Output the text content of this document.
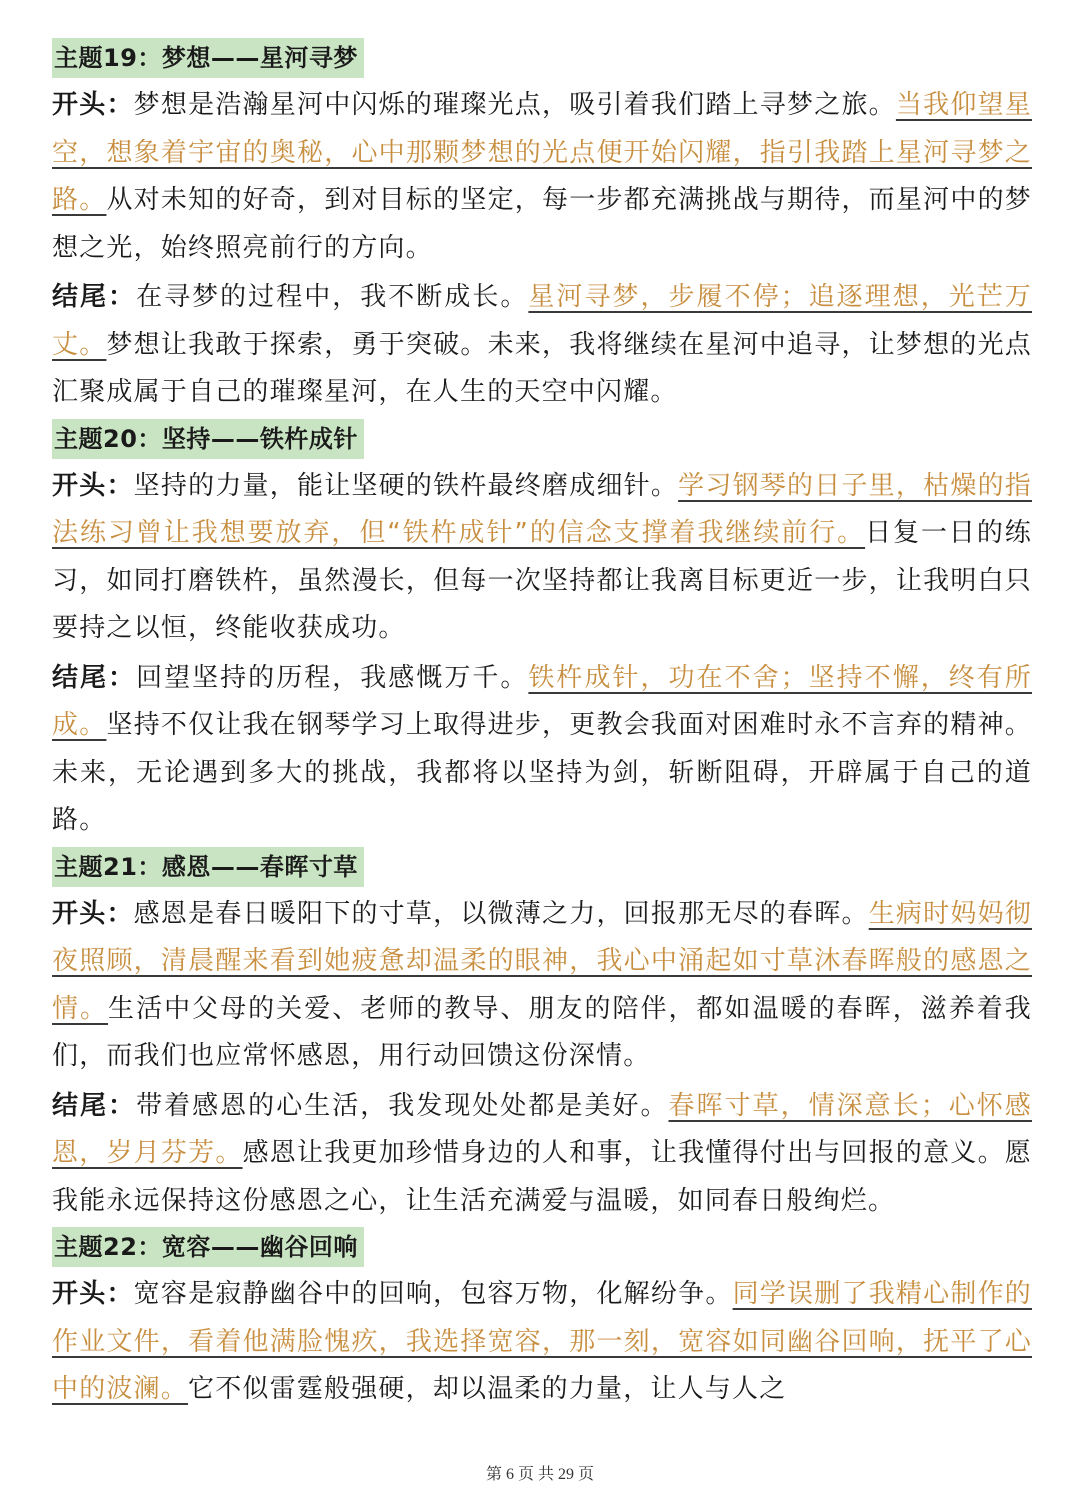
主题19：梦想——星河寻梦

开头：梦想是浩瀚星河中闪烁的璀璨光点，吸引着我们踏上寻梦之旅。当我仰望星空，想象着宇宙的奥秘，心中那颗梦想的光点便开始闪耀，指引我踏上星河寻梦之路。从对未知的好奇，到对目标的坚定，每一步都充满挑战与期待，而星河中的梦想之光，始终照亮前行的方向。

结尾：在寻梦的过程中，我不断成长。星河寻梦，步履不停；追逐理想，光芒万丈。梦想让我敢于探索，勇于突破。未来，我将继续在星河中追寻，让梦想的光点汇聚成属于自己的璀璨星河，在人生的天空中闪耀。

主题20：坚持——铁杵成针

开头：坚持的力量，能让坚硬的铁杵最终磨成细针。学习钢琴的日子里，枯燥的指法练习曾让我想要放弃，但“铁杵成针”的信念支撑着我继续前行。日复一日的练习，如同打磨铁杵，虽然漫长，但每一次坚持都让我离目标更近一步，让我明白只要持之以恒，终能收获成功。

结尾：回望坚持的历程，我感慨万千。铁杵成针，功在不舍；坚持不懈，终有所成。坚持不仅让我在钢琴学习上取得进步，更教会我面对困难时永不言弃的精神。未来，无论遇到多大的挑战，我都将以坚持为剑，斩断阻碍，开辟属于自己的道路。

主题21：感恩——春晖寸草

开头：感恩是春日暖阳下的寸草，以微薄之力，回报那无尽的春晖。生病时妈妈彻夜照顾，清晨醒来看到她疲惫却温柔的眼神，我心中涌起如寸草沐春晖般的感恩之情。生活中父母的关爱、老师的教导、朋友的陪伴，都如温暖的春晖，滋养着我们，而我们也应常怀感恩，用行动回馈这份深情。

结尾：带着感恩的心生活，我发现处处都是美好。春晖寸草，情深意长；心怀感恩，岁月芬芳。感恩让我更加珍惜身边的人和事，让我懂得付出与回报的意义。愿我能永远保持这份感恩之心，让生活充满爱与温暖，如同春日般绚烂。

主题22：宽容——幽谷回响

开头：宽容是寂静幽谷中的回响，包容万物，化解纷争。同学误删了我精心制作的作业文件，看着他满脸愧疚，我选择宽容，那一刻，宽容如同幽谷回响，抚平了心中的波澜。它不似雷霆般强硬，却以温柔的力量，让人与人之

第 6 页 共 29 页
